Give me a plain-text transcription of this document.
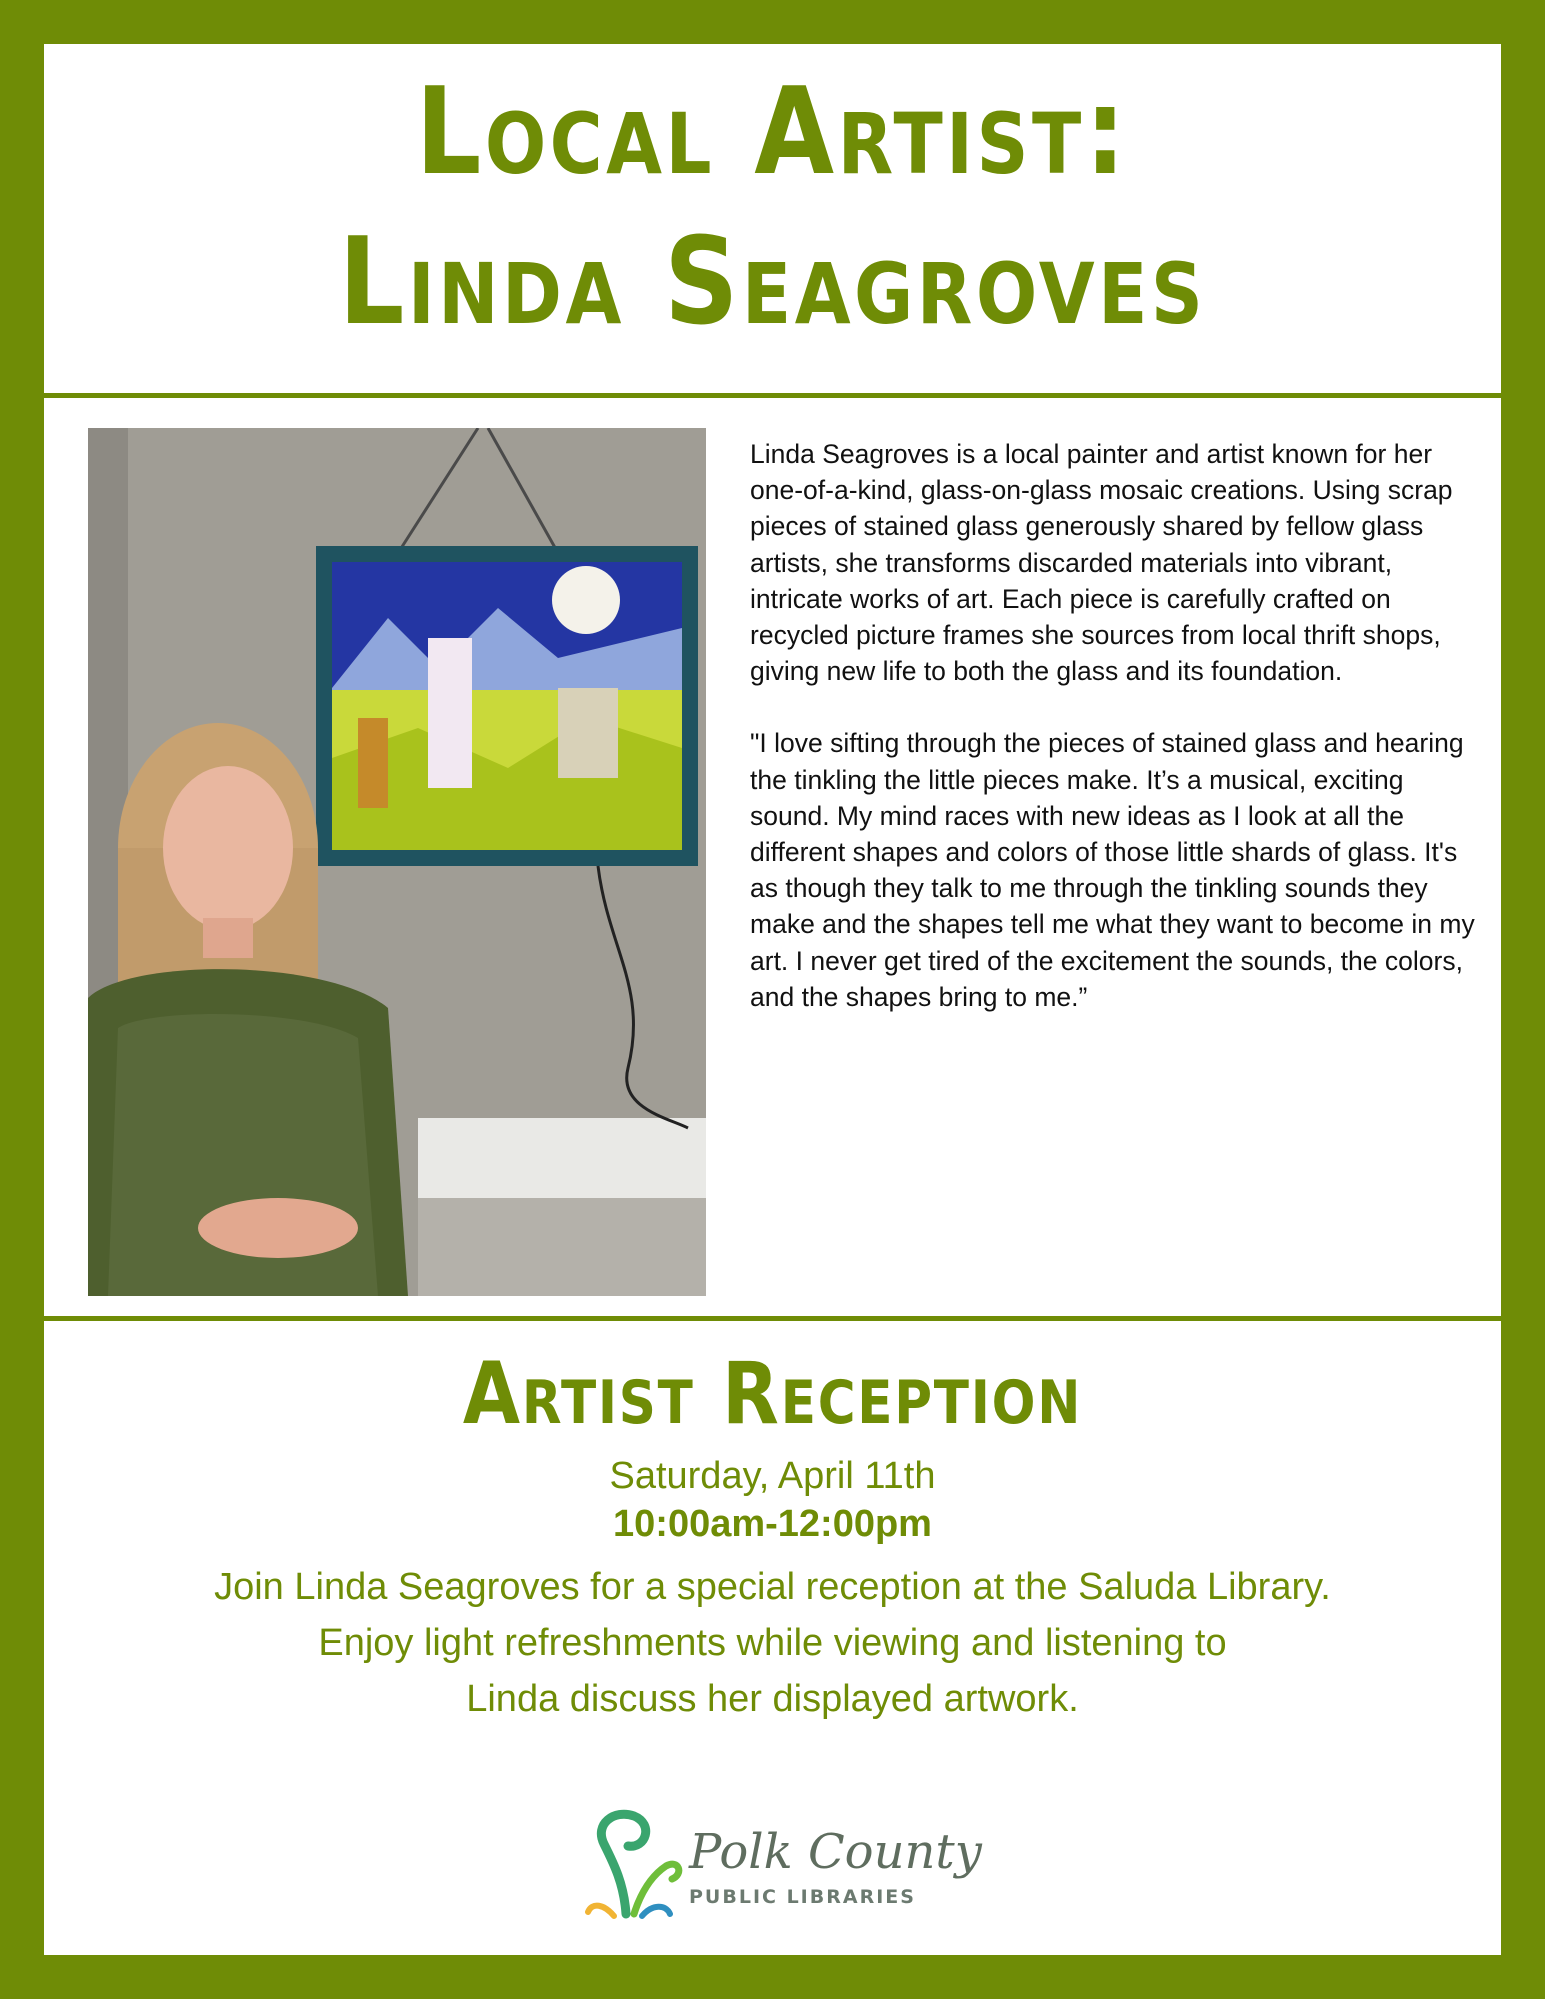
Local Artist:
Linda Seagroves

Linda Seagroves is a local painter and artist known for her one-of-a-kind, glass-on-glass mosaic creations. Using scrap pieces of stained glass generously shared by fellow glass artists, she transforms discarded materials into vibrant, intricate works of art. Each piece is carefully crafted on recycled picture frames she sources from local thrift shops, giving new life to both the glass and its foundation.

"I love sifting through the pieces of stained glass and hearing the tinkling the little pieces make. It’s a musical, exciting sound. My mind races with new ideas as I look at all the different shapes and colors of those little shards of glass. It's as though they talk to me through the tinkling sounds they make and the shapes tell me what they want to become in my art. I never get tired of the excitement the sounds, the colors, and the shapes bring to me.”

Artist Reception
Saturday, April 11th
10:00am-12:00pm
Join Linda Seagroves for a special reception at the Saluda Library.
Enjoy light refreshments while viewing and listening to
Linda discuss her displayed artwork.
Polk County
PUBLIC LIBRARIES
